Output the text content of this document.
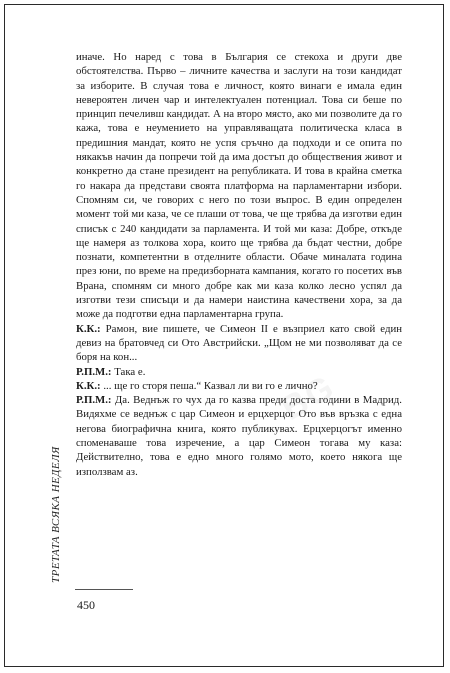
BG

иначе. Но наред с това в България се стекоха и други две обстоятелства. Първо – личните качества и заслуги на този кандидат за изборите. В случая това е личност, която винаги е имала един невероятен личен чар и интелектуален потенциал. Това си беше по принцип печеливш кандидат. А на второ място, ако ми позволите да го кажа, това е неумението на управляващата политическа класа в предишния мандат, която не успя сръчно да подходи и се опита по някакъв начин да попречи той да има достъп до обществения живот и конкретно да стане президент на републиката. И това в крайна сметка го накара да представи своята платформа на парламентарни избори. Спомням си, че говорих с него по този въпрос. В един определен момент той ми каза, че се плаши от това, че ще трябва да изготви един списък с 240 кандидати за парламента. И той ми каза: Добре, откъде ще намеря аз толкова хора, които ще трябва да бъдат честни, добре познати, компетентни в отделните области. Обаче миналата година през юни, по време на предизборната кампания, когато го посетих във Врана, спомням си много добре как ми каза колко лесно успял да изготви тези списъци и да намери наистина качествени хора, за да може да подготви една парламентарна група.

К.К.: Рамон, вие пишете, че Симеон II е възприел като свой един девиз на братовчед си Ото Австрийски. „Щом не ми позволяват да се боря на кон...

Р.П.М.: Така е.

К.К.: ... ще го сторя пеша.“ Казвал ли ви го е лично?

Р.П.М.: Да. Веднъж го чух да го казва преди доста години в Мадрид. Видяхме се веднъж с цар Симеон и ерцхерцог Ото във връзка с една негова биографична книга, която публикувах. Ерцхерцогът именно споменаваше това изречение, а цар Симеон тогава му каза: Действително, това е едно много голямо мото, което някога ще използвам аз.

ТРЕТАТА ВСЯКА НЕДЕЛЯ
450
